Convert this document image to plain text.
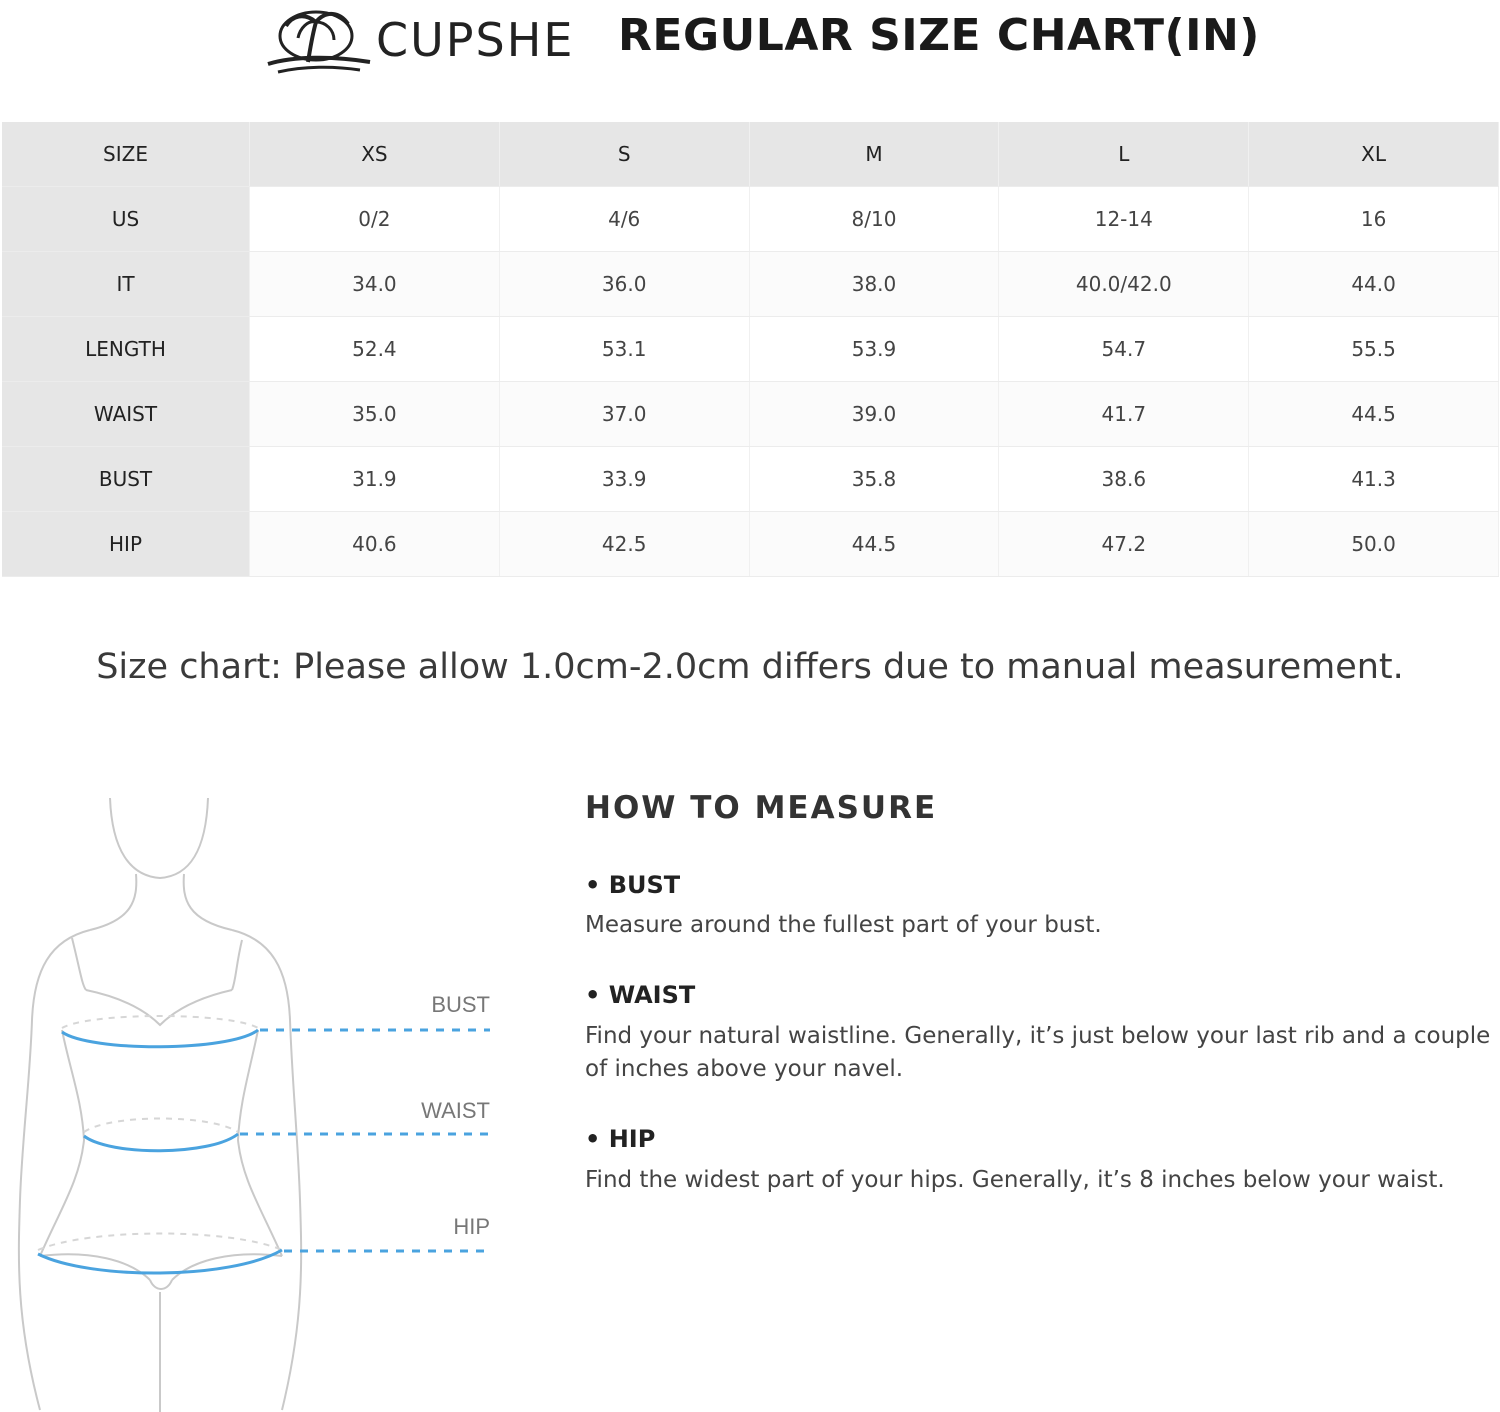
CUPSHE REGULAR SIZE CHART(IN)
SIZE	XS	S	M	L	XL
US	0/2	4/6	8/10	12-14	16
IT	34.0	36.0	38.0	40.0/42.0	44.0
LENGTH	52.4	53.1	53.9	54.7	55.5
WAIST	35.0	37.0	39.0	41.7	44.5
BUST	31.9	33.9	35.8	38.6	41.3
HIP	40.6	42.5	44.5	47.2	50.0
Size chart: Please allow 1.0cm-2.0cm differs due to manual measurement.
BUST
WAIST
HIP
HOW TO MEASURE
• BUST
Measure around the fullest part of your bust.
• WAIST
Find your natural waistline. Generally, it’s just below your last rib and a couple of inches above your navel.
• HIP
Find the widest part of your hips. Generally, it’s 8 inches below your waist.
